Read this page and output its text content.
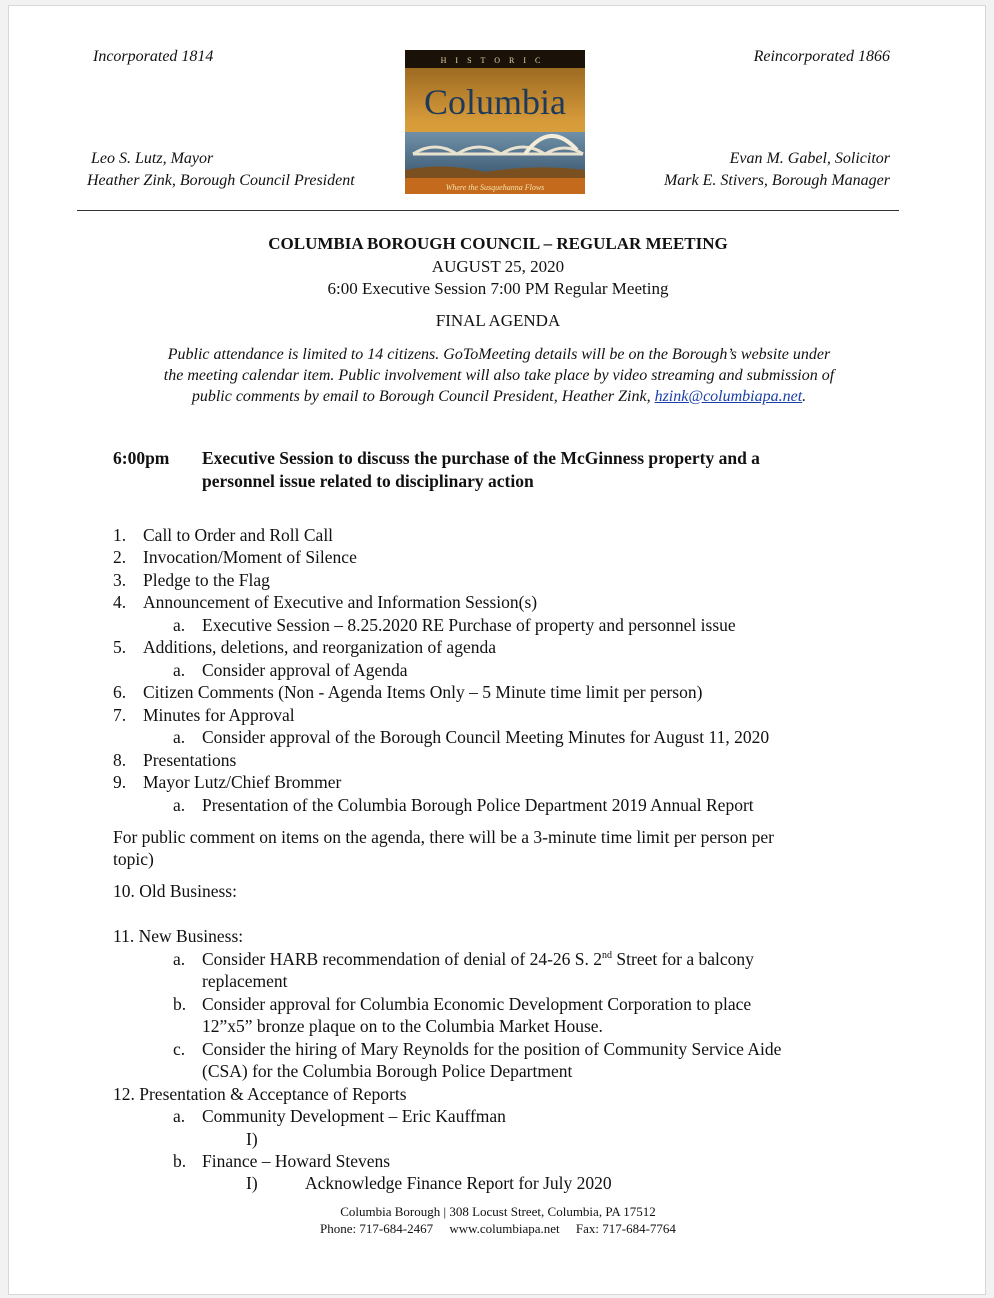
Incorporated 1814	Reincorporated 1866
Leo S. Lutz, Mayor
Heather Zink, Borough Council President
Evan M. Gabel, Solicitor
Mark E. Stivers, Borough Manager
HISTORIC
Columbia
Where the Susquehanna Flows
COLUMBIA BOROUGH COUNCIL – REGULAR MEETING
AUGUST 25, 2020
6:00 Executive Session 7:00 PM Regular Meeting
FINAL AGENDA
Public attendance is limited to 14 citizens. GoToMeeting details will be on the Borough’s website under
the meeting calendar item. Public involvement will also take place by video streaming and submission of
public comments by email to Borough Council President, Heather Zink, hzink@columbiapa.net.
6:00pm Executive Session to discuss the purchase of the McGinness property and a
personnel issue related to disciplinary action
1. Call to Order and Roll Call
2. Invocation/Moment of Silence
3. Pledge to the Flag
4. Announcement of Executive and Information Session(s)
a. Executive Session – 8.25.2020 RE Purchase of property and personnel issue
5. Additions, deletions, and reorganization of agenda
a. Consider approval of Agenda
6. Citizen Comments (Non - Agenda Items Only – 5 Minute time limit per person)
7. Minutes for Approval
a. Consider approval of the Borough Council Meeting Minutes for August 11, 2020
8. Presentations
9. Mayor Lutz/Chief Brommer
a. Presentation of the Columbia Borough Police Department 2019 Annual Report
For public comment on items on the agenda, there will be a 3-minute time limit per person per
topic)
10. Old Business:
11. New Business:
a. Consider HARB recommendation of denial of 24-26 S. 2nd Street for a balcony
replacement
b. Consider approval for Columbia Economic Development Corporation to place
12”x5” bronze plaque on to the Columbia Market House.
c. Consider the hiring of Mary Reynolds for the position of Community Service Aide
(CSA) for the Columbia Borough Police Department
12. Presentation & Acceptance of Reports
a. Community Development – Eric Kauffman
I)
b. Finance – Howard Stevens
I)	Acknowledge Finance Report for July 2020
Columbia Borough | 308 Locust Street, Columbia, PA 17512
Phone: 717-684-2467     www.columbiapa.net     Fax: 717-684-7764
